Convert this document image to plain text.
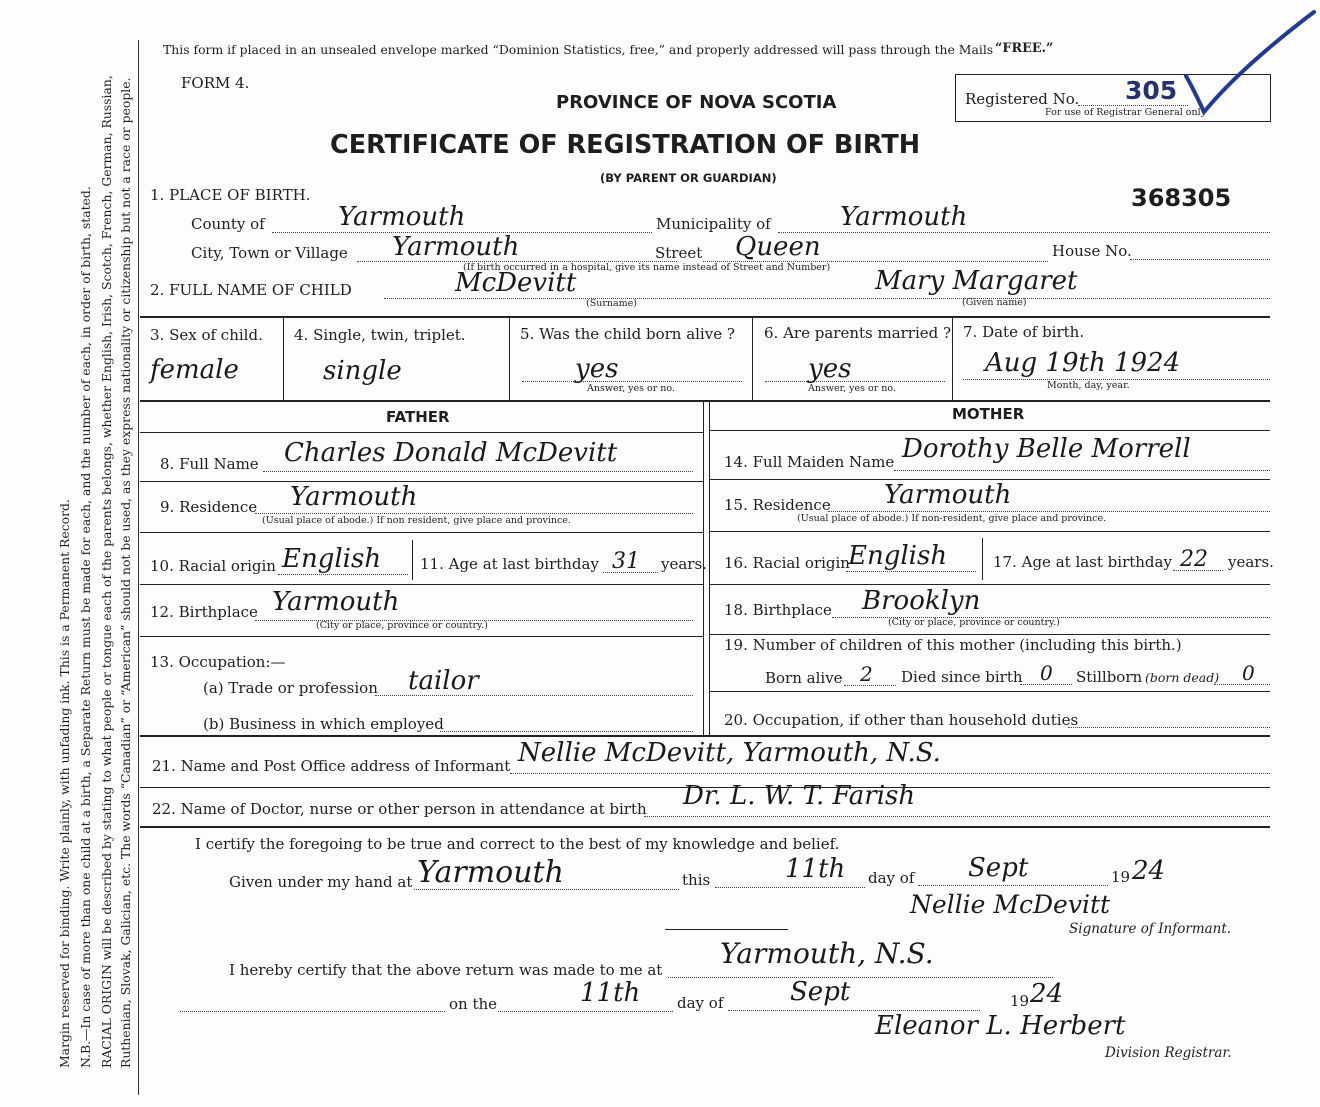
Margin reserved for binding. Write plainly, with unfading ink. This is a Permanent Record. N.B.—In case of more than one child at a birth, a Separate Return must be made for each, and the number of each, in order of birth, stated. RACIAL ORIGIN will be described by stating to what people or tongue each of the parents belongs, whether English, Irish, Scotch, French, German, Russian, Ruthenian, Slovak, Galician, etc. The words “Canadian” or “American” should not be used, as they express nationality or citizenship but not a race or people.
This form if placed in an unsealed envelope marked “Dominion Statistics, free,” and properly addressed will pass through the Mails “FREE.”
FORM 4.
PROVINCE OF NOVA SCOTIA
CERTIFICATE OF REGISTRATION OF BIRTH
(BY PARENT OR GUARDIAN)
Registered No. 305
For use of Registrar General only
368305
1. PLACE OF BIRTH.
County of	Yarmouth	Municipality of	Yarmouth
City, Town or Village Yarmouth	Street Queen	House No.
(If birth occurred in a hospital, give its name instead of Street and Number)
2. FULL NAME OF CHILD	McDevitt
(Surname)
Mary Margaret
(Given name)
3. Sex of child.
female
4. Single, twin, triplet.
single
5. Was the child born alive ?
yes
Answer, yes or no.
6. Are parents married ?
yes
Answer, yes or no.
7. Date of birth.
Aug 19th 1924
Month, day, year.
FATHER	MOTHER
8. Full Name Charles Donald McDevitt
9. Residence Yarmouth
(Usual place of abode.) If non resident, give place and province.
10. Racial origin English	11. Age at last birthday 31 years.
12. Birthplace Yarmouth
(City or place, province or country.)
13. Occupation:—
(a) Trade or profession tailor
(b) Business in which employed
14. Full Maiden Name Dorothy Belle Morrell
15. Residence Yarmouth
(Usual place of abode.) If non-resident, give place and province.
16. Racial origin
English	17. Age at last birthday 22 years.
18. Birthplace Brooklyn
(City or place, province or country.)
19. Number of children of this mother (including this birth.)
Born alive 2 Died since birth 0 Stillborn (born dead) 0
20. Occupation, if other than household duties
21. Name and Post Office address of Informant Nellie McDevitt, Yarmouth, N.S.
22. Name of Doctor, nurse or other person in attendance at birth Dr. L. W. T. Farish
I certify the foregoing to be true and correct to the best of my knowledge and belief.
Given under my hand at Yarmouth	this	11th day of Sept	19 24
Nellie McDevitt
Signature of Informant.
I hereby certify that the above return was made to me at Yarmouth, N.S.
on the	11th day of	Sept	19 24
Eleanor L. Herbert
Division Registrar.
